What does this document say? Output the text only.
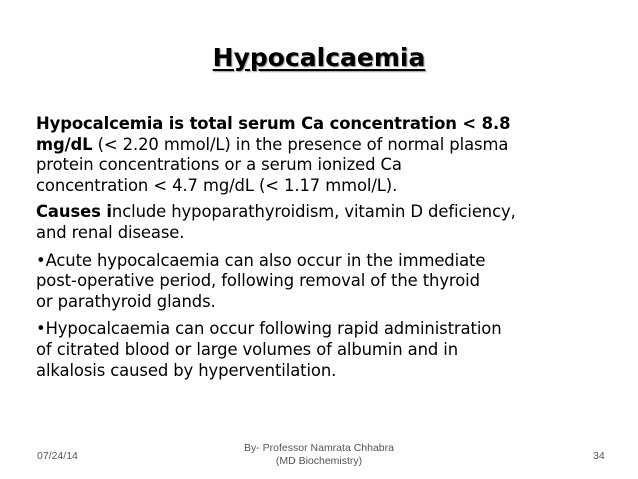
Hypocalcaemia
Hypocalcemia is total serum Ca concentration < 8.8
mg/dL (< 2.20 mmol/L) in the presence of normal plasma
protein concentrations or a serum ionized Ca
concentration < 4.7 mg/dL (< 1.17 mmol/L).
Causes include hypoparathyroidism, vitamin D deficiency,
and renal disease.
•Acute hypocalcaemia can also occur in the immediate
post-operative period, following removal of the thyroid
or parathyroid glands.
•Hypocalcaemia can occur following rapid administration
of citrated blood or large volumes of albumin and in
alkalosis caused by hyperventilation.
07/24/14
By- Professor Namrata Chhabra
(MD Biochemistry)	34
